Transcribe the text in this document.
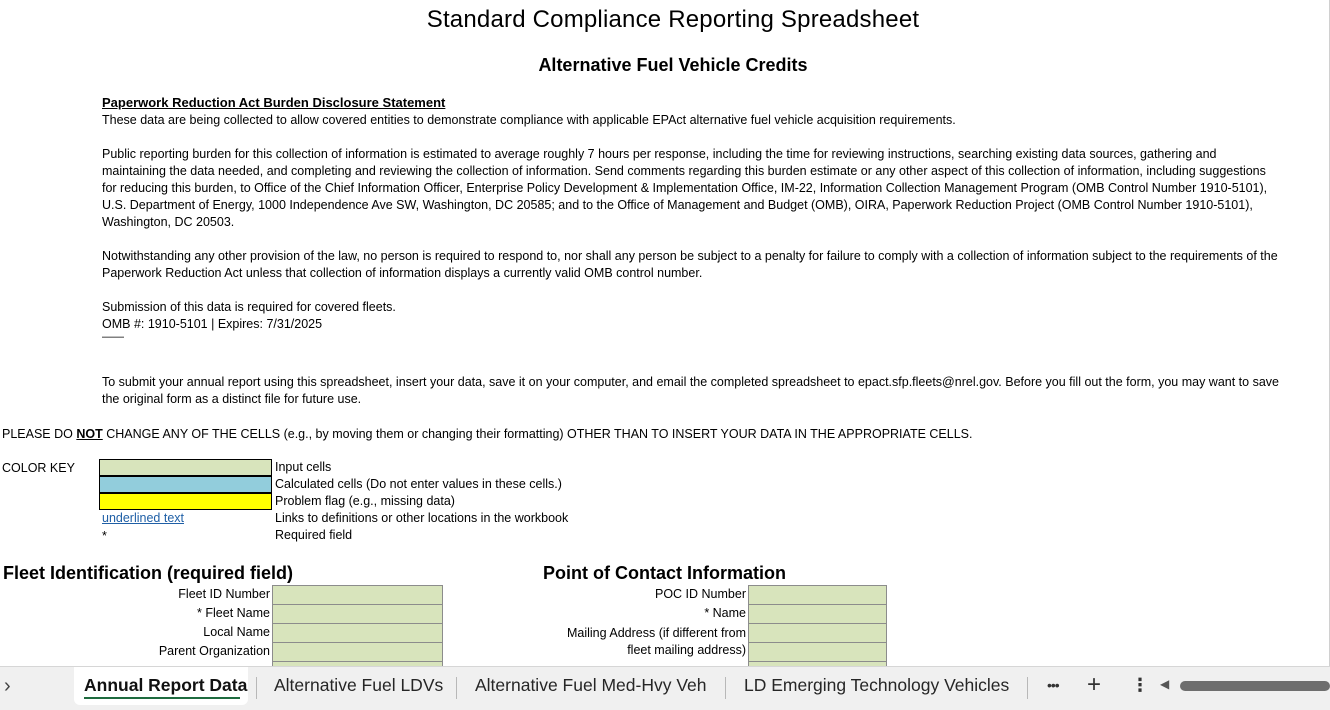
Standard Compliance Reporting Spreadsheet
Alternative Fuel Vehicle Credits
Paperwork Reduction Act Burden Disclosure Statement
These data are being collected to allow covered entities to demonstrate compliance with applicable EPAct alternative fuel vehicle acquisition requirements.
Public reporting burden for this collection of information is estimated to average roughly 7 hours per response, including the time for reviewing instructions, searching existing data sources, gathering and maintaining the data needed, and completing and reviewing the collection of information. Send comments regarding this burden estimate or any other aspect of this collection of information, including suggestions for reducing this burden, to Office of the Chief Information Officer, Enterprise Policy Development & Implementation Office, IM-22, Information Collection Management Program (OMB Control Number 1910-5101), U.S. Department of Energy, 1000 Independence Ave SW, Washington, DC 20585; and to the Office of Management and Budget (OMB), OIRA, Paperwork Reduction Project (OMB Control Number 1910-5101), Washington, DC 20503.
Notwithstanding any other provision of the law, no person is required to respond to, nor shall any person be subject to a penalty for failure to comply with a collection of information subject to the requirements of the Paperwork Reduction Act unless that collection of information displays a currently valid OMB control number.
Submission of this data is required for covered fleets.
OMB #: 1910-5101 | Expires: 7/31/2025
——
To submit your annual report using this spreadsheet, insert your data, save it on your computer, and email the completed spreadsheet to epact.sfp.fleets@nrel.gov. Before you fill out the form, you may want to save the original form as a distinct file for future use.
PLEASE DO NOT CHANGE ANY OF THE CELLS (e.g., by moving them or changing their formatting) OTHER THAN TO INSERT YOUR DATA IN THE APPROPRIATE CELLS.
COLOR KEY	Input cells
Calculated cells (Do not enter values in these cells.)
Problem flag (e.g., missing data)
underlined text	Links to definitions or other locations in the workbook
*	Required field
Fleet Identification (required field)
Fleet ID Number
* Fleet Name
Local Name
Parent Organization
Point of Contact Information
POC ID Number
* Name
Mailing Address (if different from
fleet mailing address)
›	Annual Report Data Alternative Fuel LDVs Alternative Fuel Med-Hvy Veh LD Emerging Technology Vehicles	••• + ⋮ ◀
